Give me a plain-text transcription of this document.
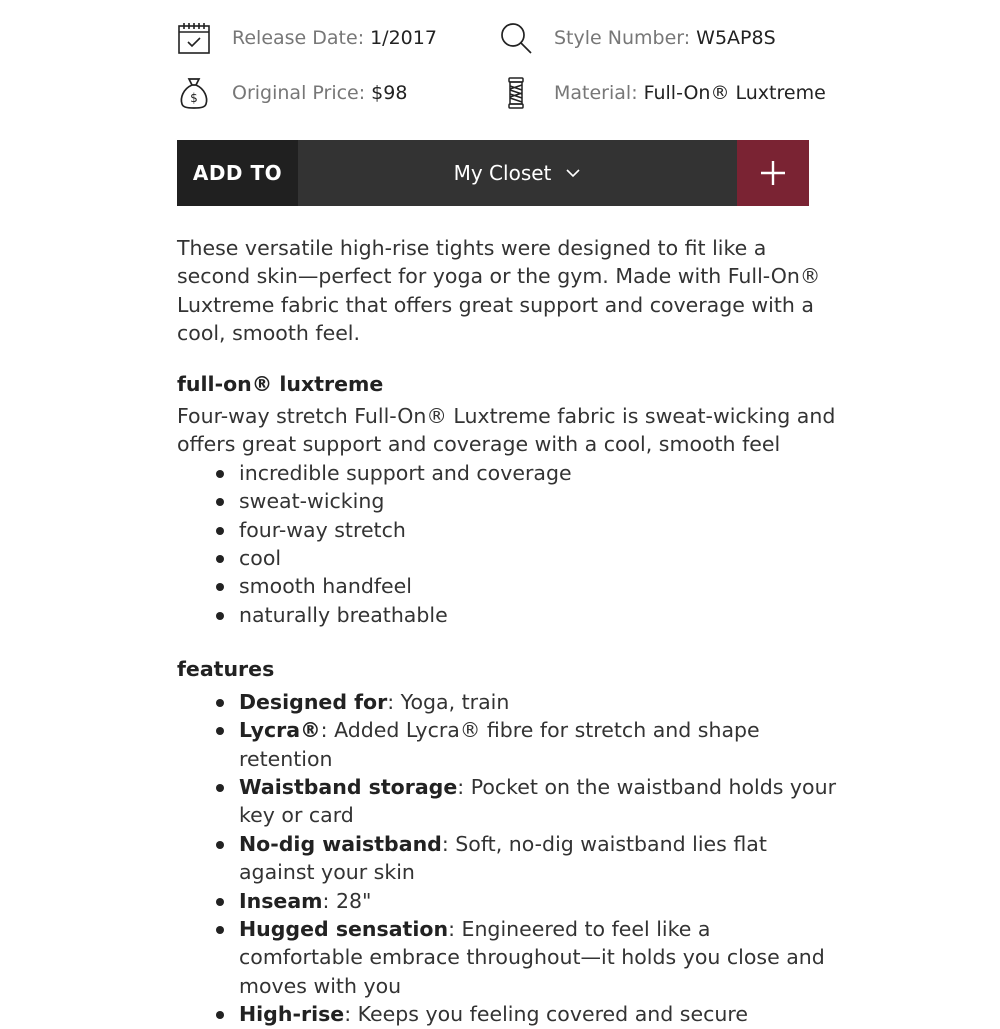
Release Date: 1/2017	Style Number: W5AP8S
$ Original Price: $98	Material: Full-On® Luxtreme
ADD TO	My Closet

These versatile high-rise tights were designed to fit like a second skin—perfect for yoga or the gym. Made with Full-On® Luxtreme fabric that offers great support and coverage with a cool, smooth feel.

full-on® luxtreme

Four-way stretch Full-On® Luxtreme fabric is sweat-wicking and offers great support and coverage with a cool, smooth feel

incredible support and coverage
sweat-wicking
four-way stretch
cool
smooth handfeel
naturally breathable
features
Designed for: Yoga, train
Lycra®: Added Lycra® fibre for stretch and shape retention
Waistband storage: Pocket on the waistband holds your key or card
No-dig waistband: Soft, no-dig waistband lies flat against your skin
Inseam: 28"
Hugged sensation: Engineered to feel like a comfortable embrace throughout—it holds you close and moves with you
High-rise: Keeps you feeling covered and secure
